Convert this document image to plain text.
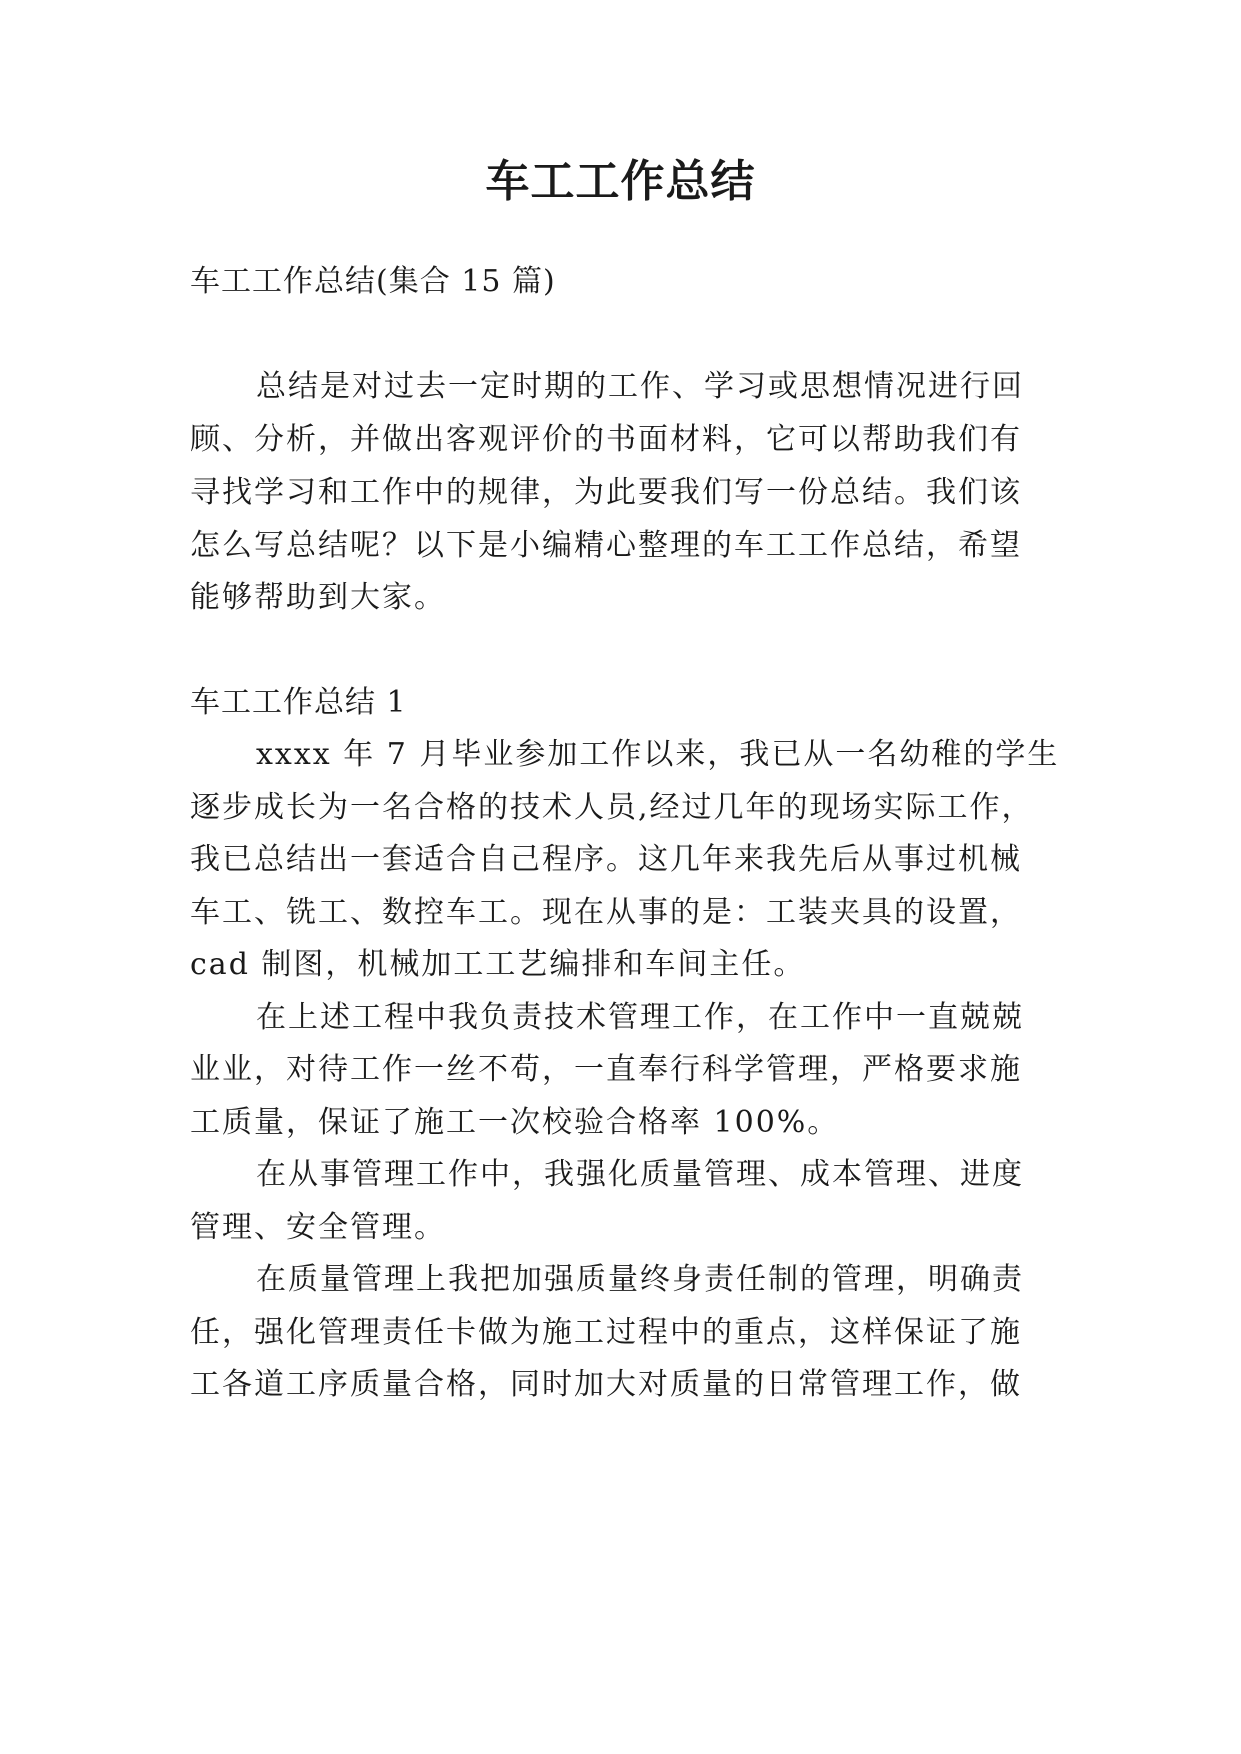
车工工作总结

车工工作总结(集合 15 篇)

总结是对过去一定时期的工作、学习或思想情况进行回

顾、分析，并做出客观评价的书面材料，它可以帮助我们有

寻找学习和工作中的规律，为此要我们写一份总结。我们该

怎么写总结呢？以下是小编精心整理的车工工作总结，希望

能够帮助到大家。

车工工作总结 1

xxxx 年 7 月毕业参加工作以来，我已从一名幼稚的学生

逐步成长为一名合格的技术人员,经过几年的现场实际工作，

我已总结出一套适合自己程序。这几年来我先后从事过机械

车工、铣工、数控车工。现在从事的是：工装夹具的设置，

cad 制图，机械加工工艺编排和车间主任。

在上述工程中我负责技术管理工作，在工作中一直兢兢

业业，对待工作一丝不苟，一直奉行科学管理，严格要求施

工质量，保证了施工一次校验合格率 100%。

在从事管理工作中，我强化质量管理、成本管理、进度

管理、安全管理。

在质量管理上我把加强质量终身责任制的管理，明确责

任，强化管理责任卡做为施工过程中的重点，这样保证了施

工各道工序质量合格，同时加大对质量的日常管理工作，做
